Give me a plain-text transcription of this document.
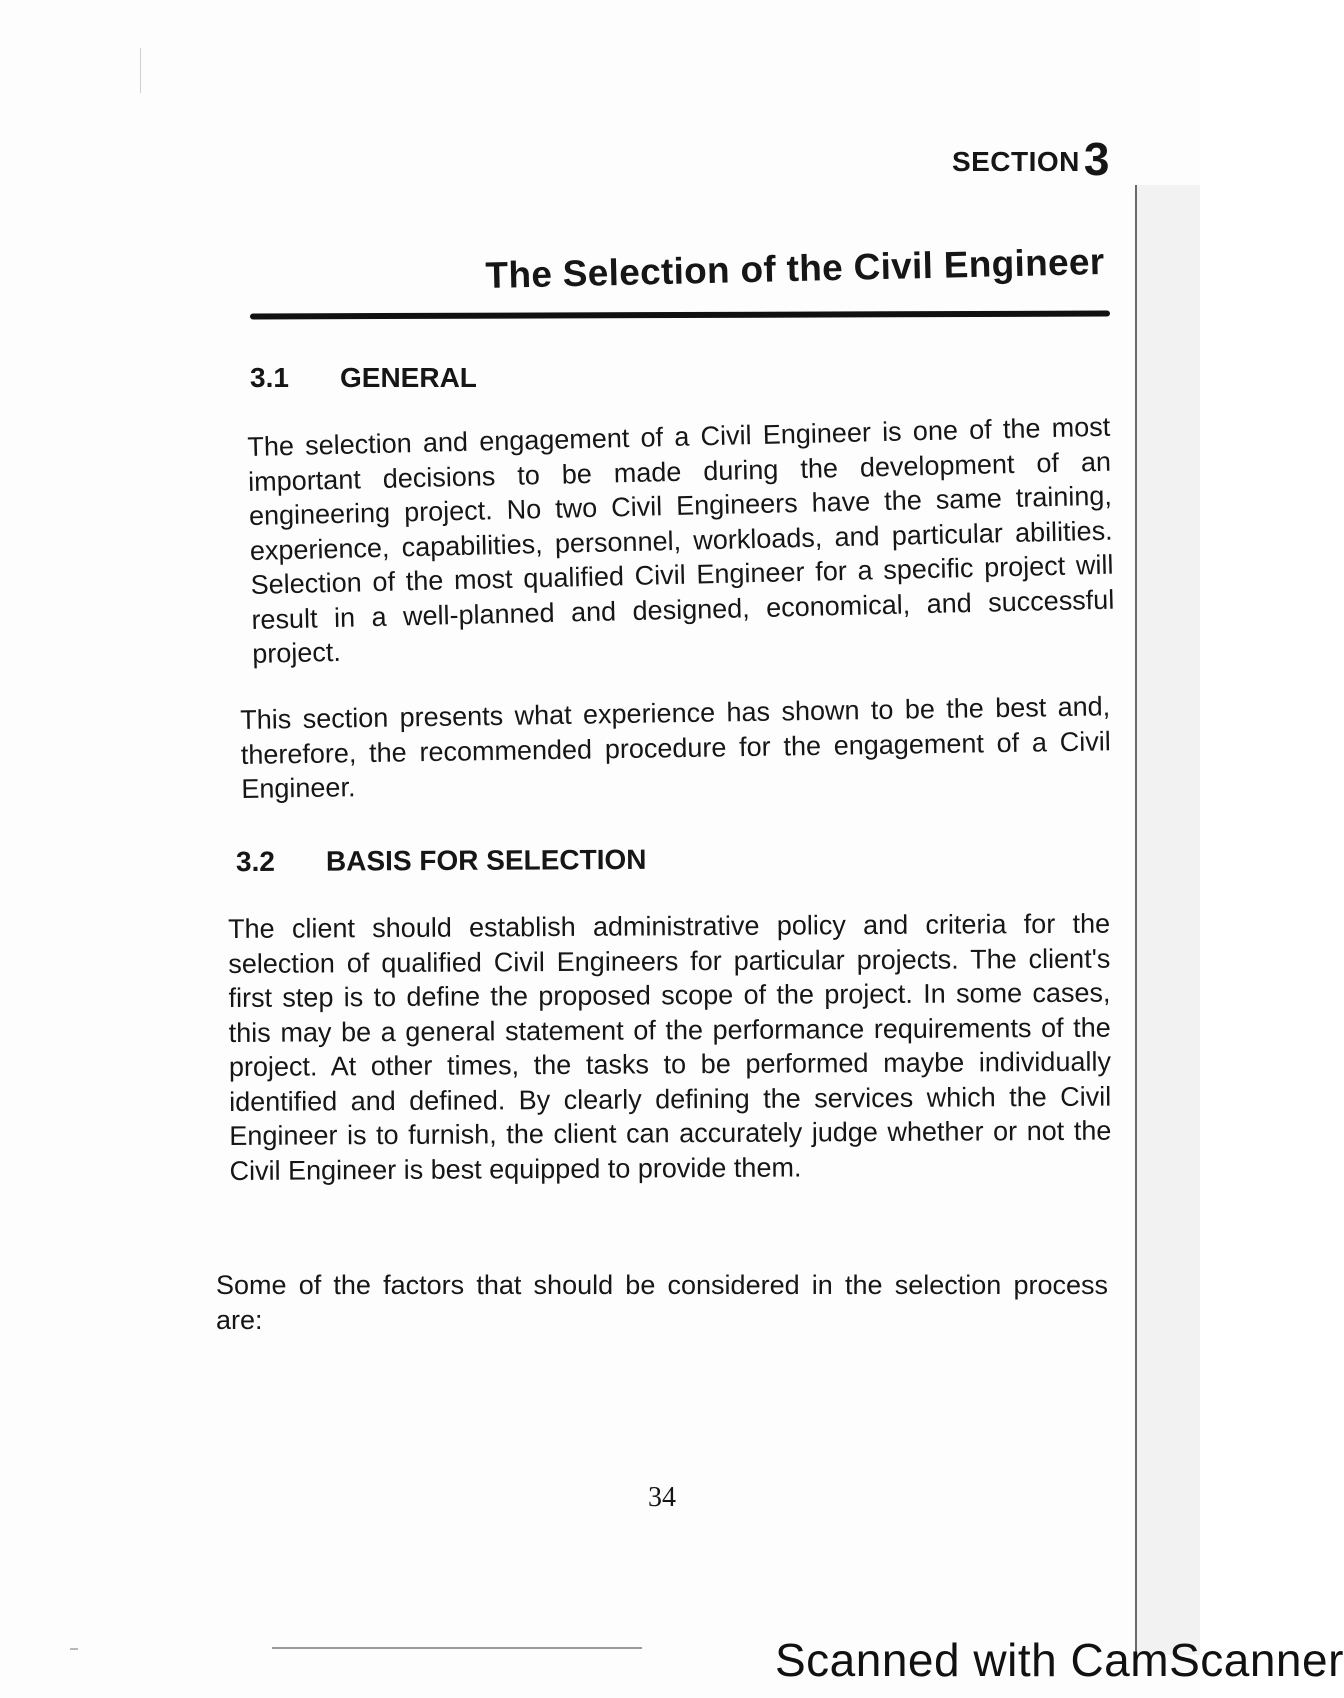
SECTION3
The Selection of the Civil Engineer
3.1 GENERAL
The selection and engagement of a Civil Engineer is one of the most important decisions to be made during the development of an engineering project. No two Civil Engineers have the same training, experience, capabilities, personnel, workloads, and particular abilities. Selection of the most qualified Civil Engineer for a specific project will result in a well-planned and designed, economical, and successful project.
This section presents what experience has shown to be the best and, therefore, the recommended procedure for the engagement of a Civil Engineer.
3.2 BASIS FOR SELECTION
The client should establish administrative policy and criteria for the selection of qualified Civil Engineers for particular projects. The client's first step is to define the proposed scope of the project. In some cases, this may be a general statement of the performance requirements of the project. At other times, the tasks to be performed maybe individually identified and defined. By clearly defining the services which the Civil Engineer is to furnish, the client can accurately judge whether or not the Civil Engineer is best equipped to provide them.
Some of the factors that should be considered in the selection process are:
34
Scanned with CamScanner
